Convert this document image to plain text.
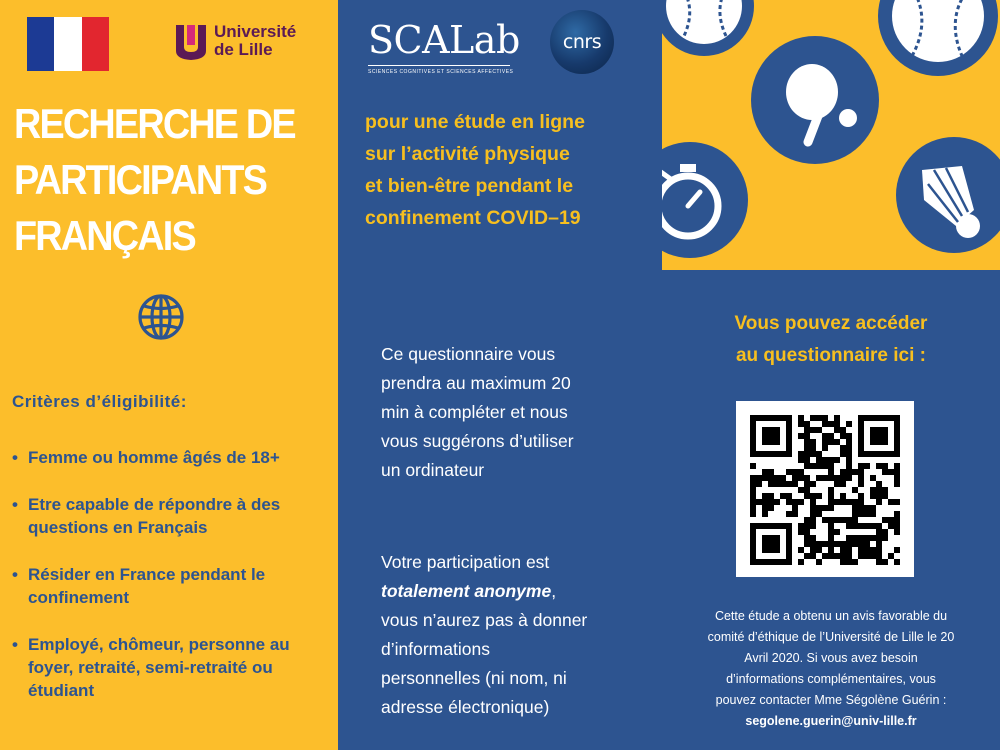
Université
de Lille
RECHERCHE DE
PARTICIPANTS
FRANÇAIS
Critères d’éligibilité:
• Femme ou homme âgés de 18+
• Etre capable de répondre à des questions en Français
• Résider en France pendant le confinement
• Employé, chômeur, personne au foyer, retraité, semi-retraité ou étudiant
SCALab
SCIENCES COGNITIVES ET SCIENCES AFFECTIVES
cnrs
pour une étude en ligne
sur l’activité physique
et bien-être pendant le
confinement COVID–19
Ce questionnaire vous
prendra au maximum 20
min à compléter et nous
vous suggérons d’utiliser
un ordinateur
Votre participation est
totalement anonyme,
vous n’aurez pas à donner
d’informations
personnelles (ni nom, ni
adresse électronique)
Vous pouvez accéder
au questionnaire ici :
Cette étude a obtenu un avis favorable du
comité d’éthique de l’Université de Lille le 20
Avril 2020. Si vous avez besoin
d’informations complémentaires, vous
pouvez contacter Mme Ségolène Guérin :
segolene.guerin@univ-lille.fr
